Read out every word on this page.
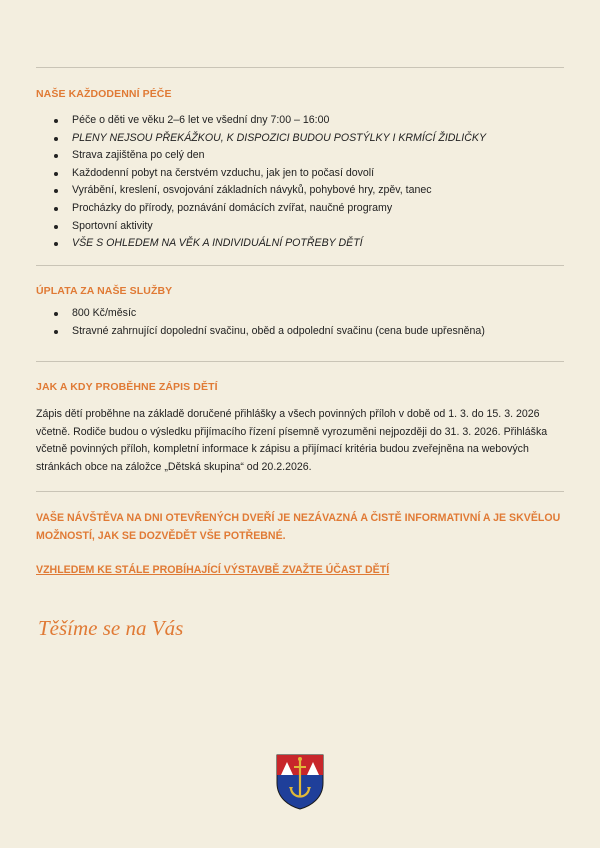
NAŠE KAŽDODENNÍ PÉČE
Péče o děti ve věku 2–6 let ve všední dny 7:00 – 16:00
PLENY NEJSOU PŘEKÁŽKOU, K DISPOZICI BUDOU POSTÝLKY I KRMÍCÍ ŽIDLIČKY
Strava zajištěna po celý den
Každodenní pobyt na čerstvém vzduchu, jak jen to počasí dovolí
Vyrábění, kreslení, osvojování základních návyků, pohybové hry, zpěv, tanec
Procházky do přírody, poznávání domácích zvířat, naučné programy
Sportovní aktivity
VŠE S OHLEDEM NA VĚK A INDIVIDUÁLNÍ POTŘEBY DĚTÍ
ÚPLATA ZA NAŠE SLUŽBY
800 Kč/měsíc
Stravné zahrnující dopolední svačinu, oběd a odpolední svačinu (cena bude upřesněna)
JAK A KDY PROBĚHNE ZÁPIS DĚTÍ
Zápis dětí proběhne na základě doručené přihlášky a všech povinných příloh v době od 1. 3. do 15. 3. 2026 včetně. Rodiče budou o výsledku přijímacího řízení písemně vyrozuměni nejpozději do 31. 3. 2026. Přihláška včetně povinných příloh, kompletní informace k zápisu a přijímací kritéria budou zveřejněna na webových stránkách obce na záložce „Dětská skupina“ od 20.2.2026.
VAŠE NÁVŠTĚVA NA DNI OTEVŘENÝCH DVEŘÍ JE NEZÁVAZNÁ A ČISTĚ INFORMATIVNÍ A JE SKVĚLOU MOŽNOSTÍ, JAK SE DOZVĚDĚT VŠE POTŘEBNÉ.
VZHLEDEM KE STÁLE PROBÍHAJÍCÍ VÝSTAVBĚ ZVAŽTE ÚČAST DĚTÍ
Těšíme se na Vás
